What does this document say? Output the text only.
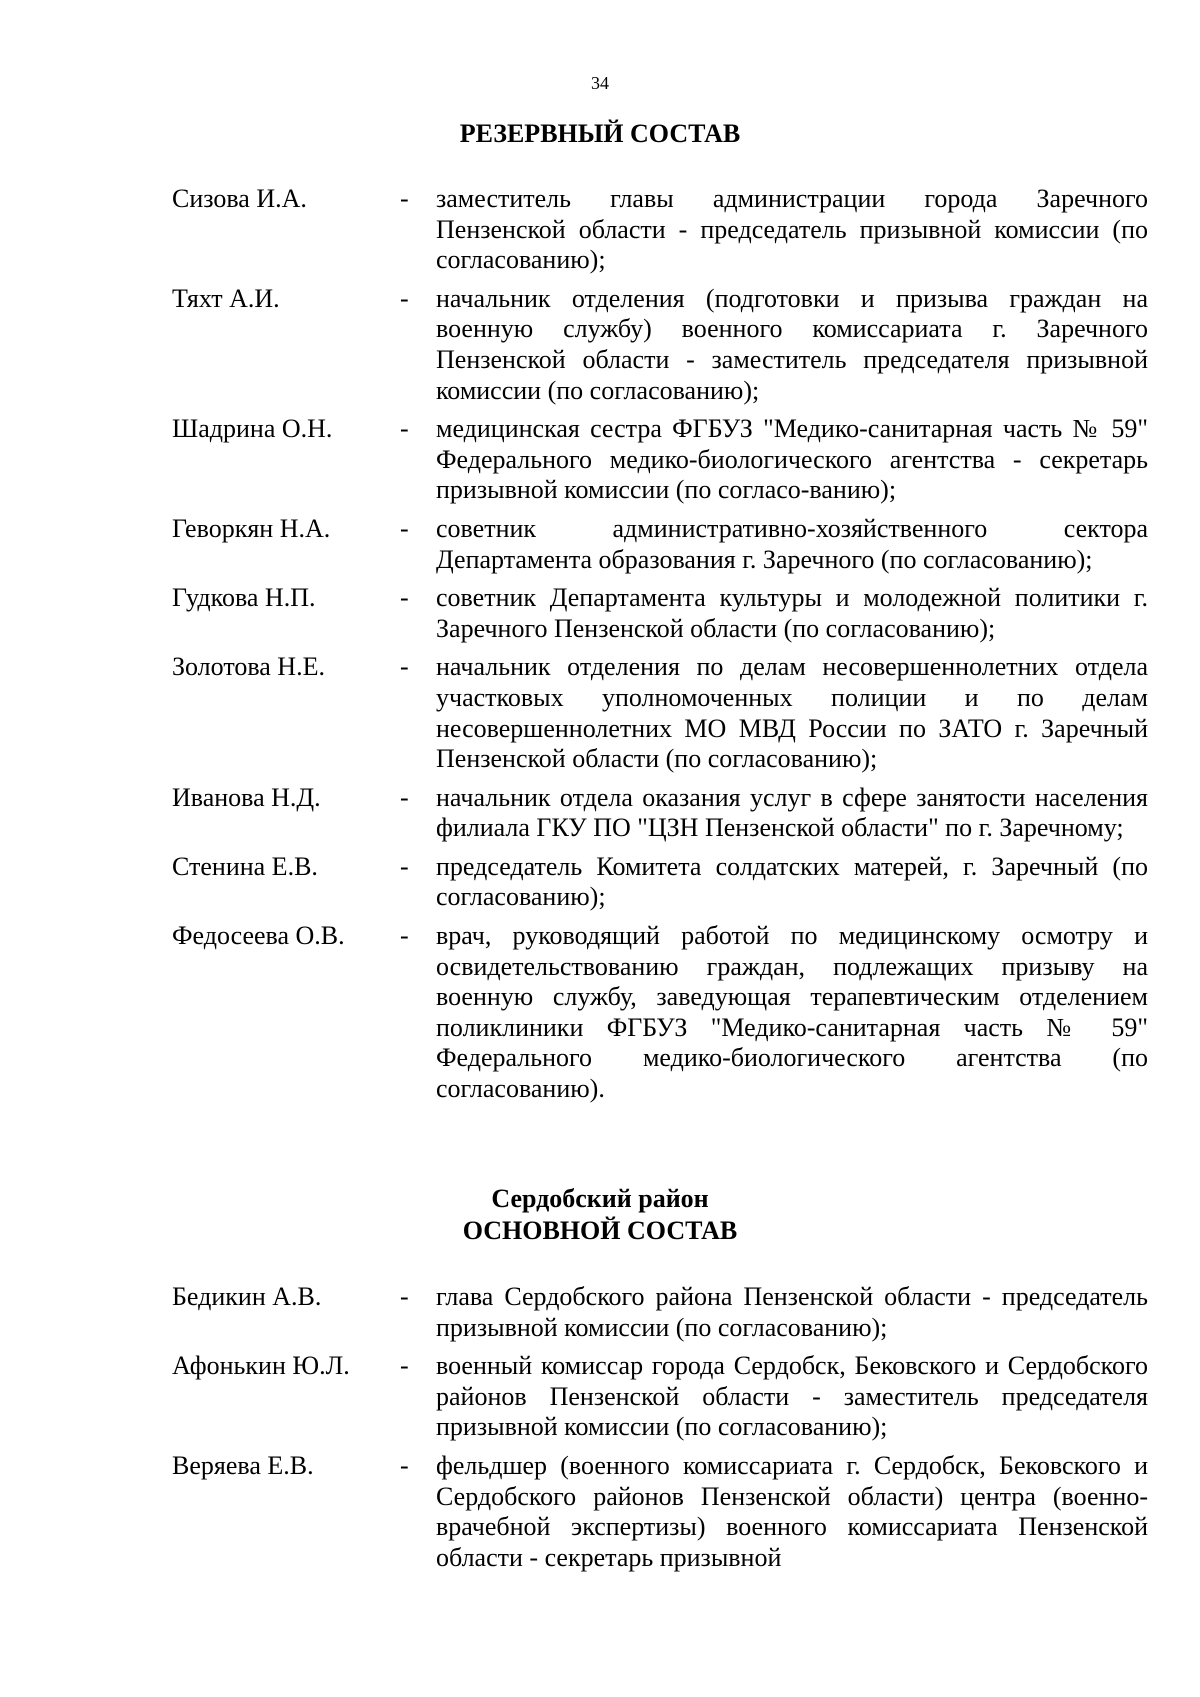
34
РЕЗЕРВНЫЙ СОСТАВ
Сизова И.А.	-	заместитель главы администрации города Заречного Пензенской области - председатель призывной комиссии (по согласованию);
Тяхт А.И.	-	начальник отделения (подготовки и призыва граждан на военную службу) военного комиссариата г. Заречного Пензенской области - заместитель председателя призывной комиссии (по согласованию);
Шадрина О.Н.	-	медицинская сестра ФГБУЗ "Медико-санитарная часть № 59" Федерального медико-биологического агентства - секретарь призывной комиссии (по согласо-ванию);
Геворкян Н.А.	-	советник административно-хозяйственного сектора Департамента образования г. Заречного (по согласованию);
Гудкова Н.П.	-	советник Департамента культуры и молодежной политики г. Заречного Пензенской области (по согласованию);
Золотова Н.Е.	-	начальник отделения по делам несовершеннолетних отдела участковых уполномоченных полиции и по делам несовершеннолетних МО МВД России по ЗАТО г. Заречный Пензенской области (по согласованию);
Иванова Н.Д.	-	начальник отдела оказания услуг в сфере занятости населения филиала ГКУ ПО "ЦЗН Пензенской области" по г. Заречному;
Стенина Е.В.	-	председатель Комитета солдатских матерей, г. Заречный (по согласованию);
Федосеева О.В.	-	врач, руководящий работой по медицинскому осмотру и освидетельствованию граждан, подлежащих призыву на военную службу, заведующая терапевтическим отделением поликлиники ФГБУЗ "Медико-санитарная часть № 59" Федерального медико-биологического агентства (по согласованию).
Сердобский район
ОСНОВНОЙ СОСТАВ
Бедикин А.В.	-	глава Сердобского района Пензенской области - председатель призывной комиссии (по согласованию);
Афонькин Ю.Л.	-	военный комиссар города Сердобск, Бековского и Сердобского районов Пензенской области - заместитель председателя призывной комиссии (по согласованию);
Веряева Е.В.	-	фельдшер (военного комиссариата г. Сердобск, Бековского и Сердобского районов Пензенской области) центра (военно-врачебной экспертизы) военного комиссариата Пензенской области - секретарь призывной
